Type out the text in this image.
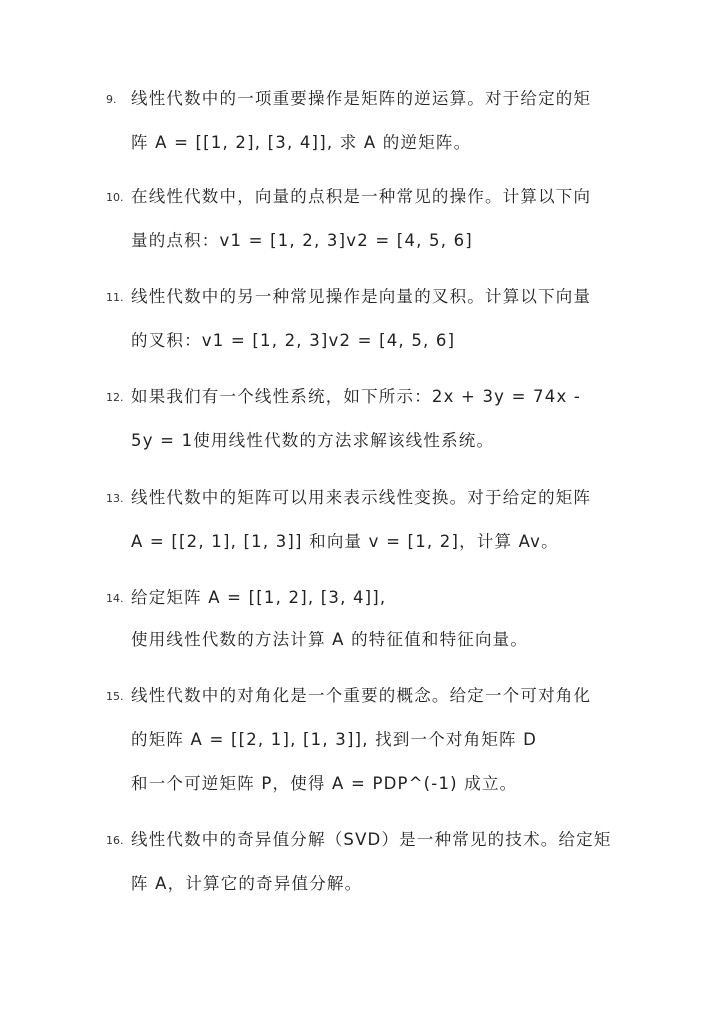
9. 线性代数中的一项重要操作是矩阵的逆运算。对于给定的矩
阵 A = [[1, 2], [3, 4]], 求 A 的逆矩阵。
10. 在线性代数中，向量的点积是一种常见的操作。计算以下向
量的点积：v1 = [1, 2, 3]v2 = [4, 5, 6]
11. 线性代数中的另一种常见操作是向量的叉积。计算以下向量
的叉积：v1 = [1, 2, 3]v2 = [4, 5, 6]
12. 如果我们有一个线性系统，如下所示：2x + 3y = 74x -
5y = 1使用线性代数的方法求解该线性系统。
13. 线性代数中的矩阵可以用来表示线性变换。对于给定的矩阵
A = [[2, 1], [1, 3]] 和向量 v = [1, 2]，计算 Av。
14. 给定矩阵 A = [[1, 2], [3, 4]],
使用线性代数的方法计算 A 的特征值和特征向量。
15. 线性代数中的对角化是一个重要的概念。给定一个可对角化
的矩阵 A = [[2, 1], [1, 3]], 找到一个对角矩阵 D
和一个可逆矩阵 P，使得 A = PDP^(-1) 成立。
16. 线性代数中的奇异值分解（SVD）是一种常见的技术。给定矩
阵 A，计算它的奇异值分解。
